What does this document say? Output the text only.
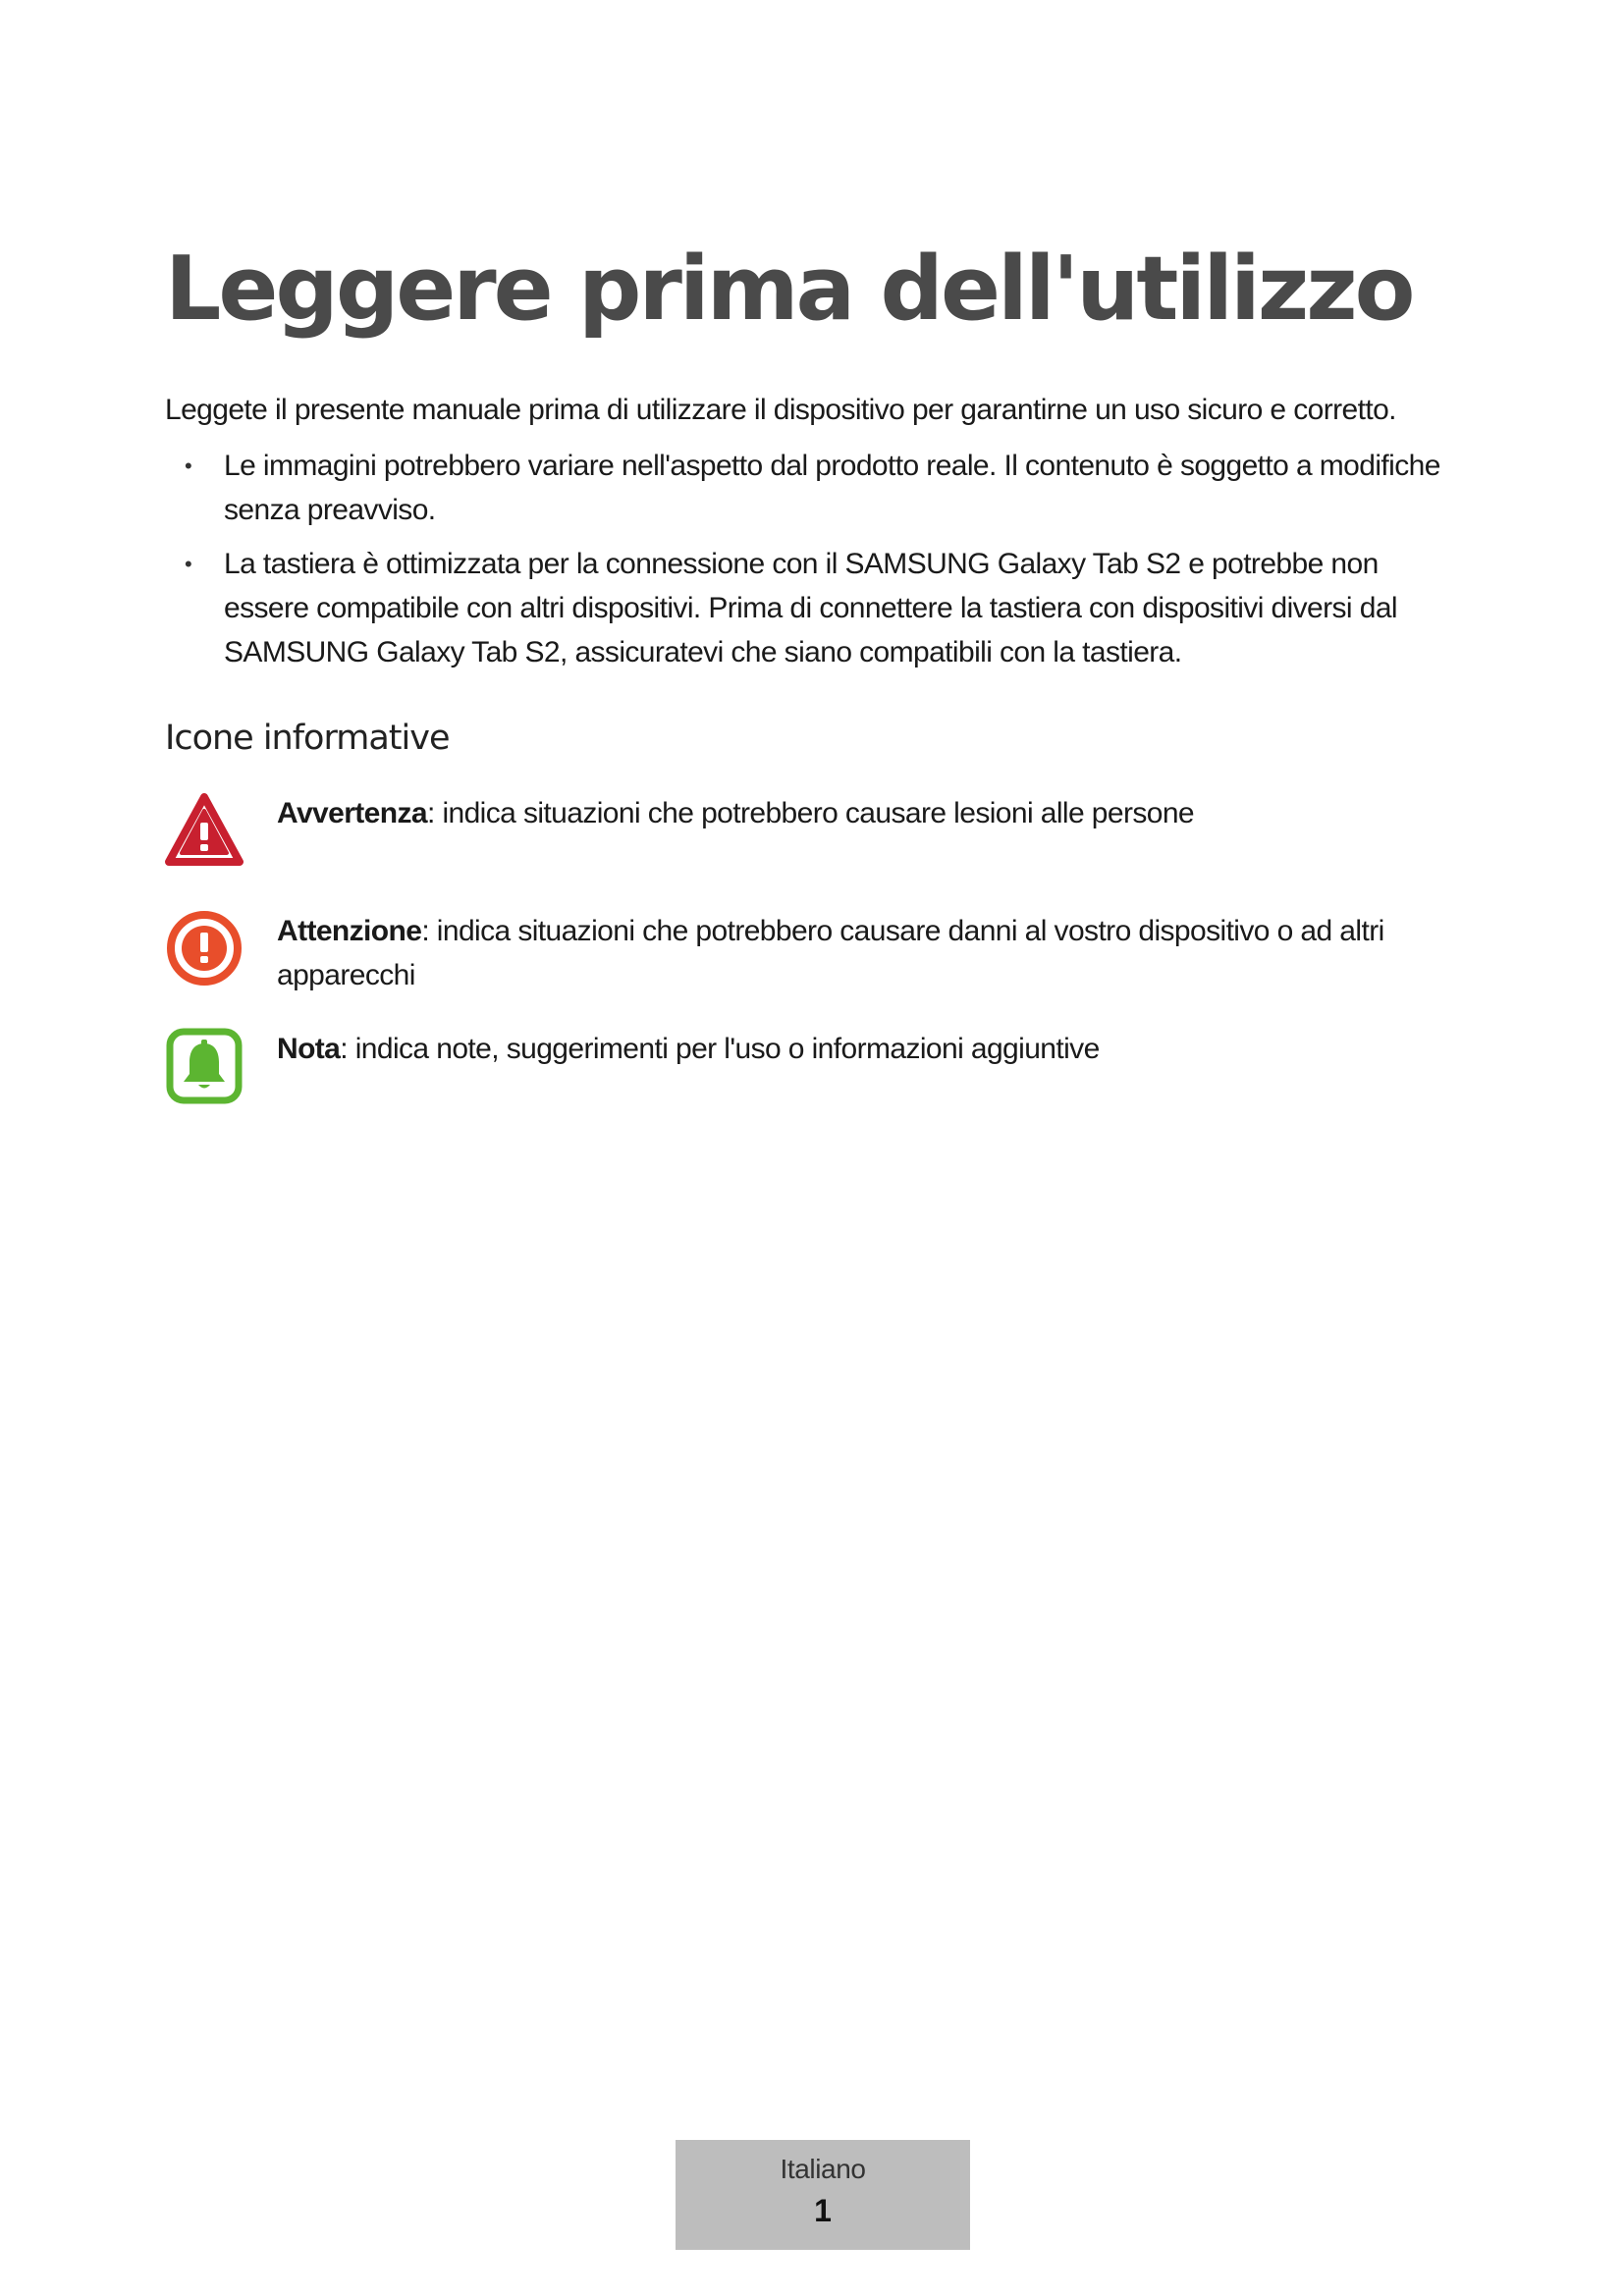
Leggere prima dell'utilizzo

Leggete il presente manuale prima di utilizzare il dispositivo per garantirne un uso sicuro e corretto.

• Le immagini potrebbero variare nell'aspetto dal prodotto reale. Il contenuto è soggetto a modifiche senza preavviso.
• La tastiera è ottimizzata per la connessione con il SAMSUNG Galaxy Tab S2 e potrebbe non essere compatibile con altri dispositivi. Prima di connettere la tastiera con dispositivi diversi dal SAMSUNG Galaxy Tab S2, assicuratevi che siano compatibili con la tastiera.
Icone informative
Avvertenza: indica situazioni che potrebbero causare lesioni alle persone
Attenzione: indica situazioni che potrebbero causare danni al vostro dispositivo o ad altri apparecchi
Nota: indica note, suggerimenti per l'uso o informazioni aggiuntive
Italiano
1
